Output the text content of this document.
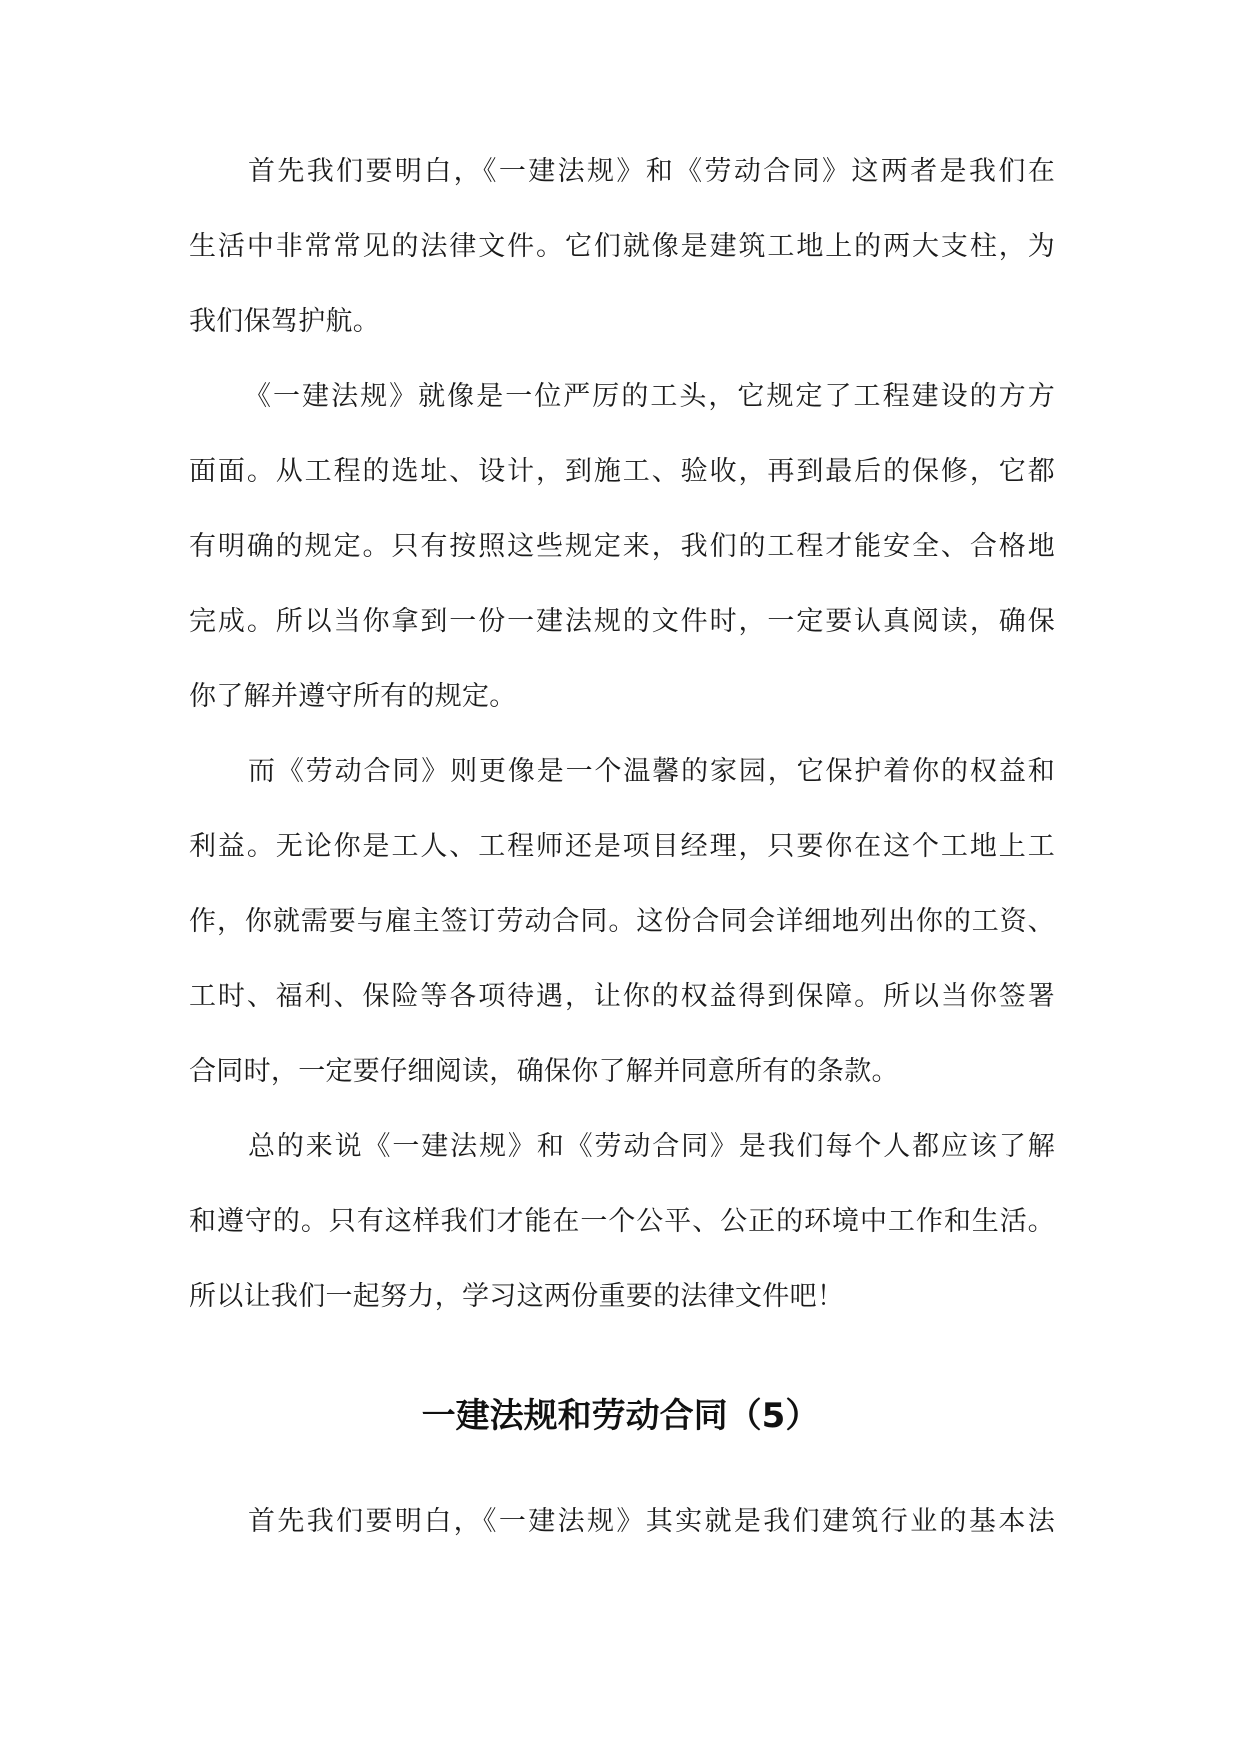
首先我们要明白，《一建法规》和《劳动合同》这两者是我们在
生活中非常常见的法律文件。它们就像是建筑工地上的两大支柱，为
我们保驾护航。
《一建法规》就像是一位严厉的工头，它规定了工程建设的方方
面面。从工程的选址、设计，到施工、验收，再到最后的保修，它都
有明确的规定。只有按照这些规定来，我们的工程才能安全、合格地
完成。所以当你拿到一份一建法规的文件时，一定要认真阅读，确保
你了解并遵守所有的规定。
而《劳动合同》则更像是一个温馨的家园，它保护着你的权益和
利益。无论你是工人、工程师还是项目经理，只要你在这个工地上工
作，你就需要与雇主签订劳动合同。这份合同会详细地列出你的工资、
工时、福利、保险等各项待遇，让你的权益得到保障。所以当你签署
合同时，一定要仔细阅读，确保你了解并同意所有的条款。
总的来说《一建法规》和《劳动合同》是我们每个人都应该了解
和遵守的。只有这样我们才能在一个公平、公正的环境中工作和生活。
所以让我们一起努力，学习这两份重要的法律文件吧！
一建法规和劳动合同（5）
首先我们要明白，《一建法规》其实就是我们建筑行业的基本法
